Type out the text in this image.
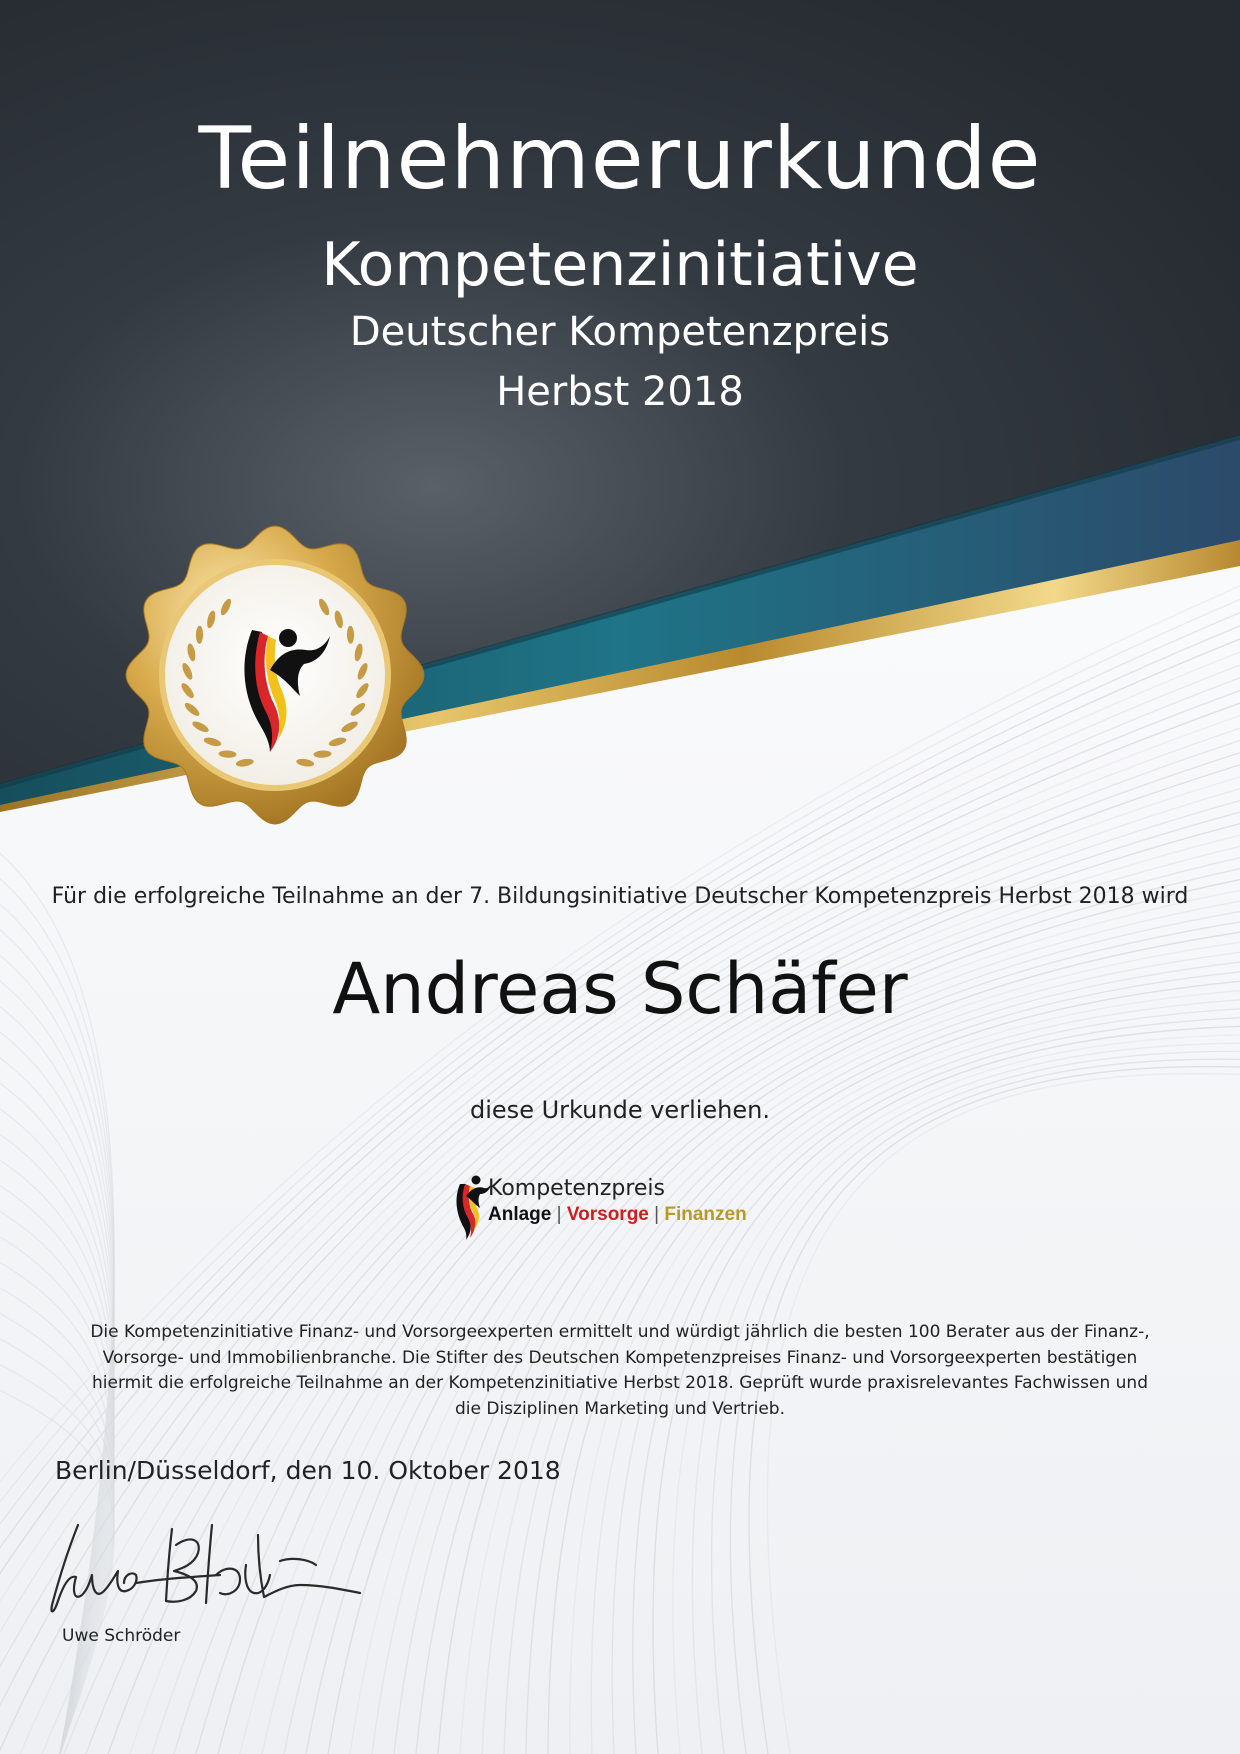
Teilnehmerurkunde
Kompetenzinitiative
Deutscher Kompetenzpreis
Herbst 2018
Für die erfolgreiche Teilnahme an der 7. Bildungsinitiative Deutscher Kompetenzpreis Herbst 2018 wird
Andreas Schäfer
diese Urkunde verliehen.
Kompetenzpreis
Anlage | Vorsorge | Finanzen
Die Kompetenzinitiative Finanz- und Vorsorgeexperten ermittelt und würdigt jährlich die besten 100 Berater aus der Finanz-, Vorsorge- und Immobilienbranche. Die Stifter des Deutschen Kompetenzpreises Finanz- und Vorsorgeexperten bestätigen hiermit die erfolgreiche Teilnahme an der Kompetenzinitiative Herbst 2018. Geprüft wurde praxisrelevantes Fachwissen und die Disziplinen Marketing und Vertrieb.
Berlin/Düsseldorf, den 10. Oktober 2018
Uwe Schröder
